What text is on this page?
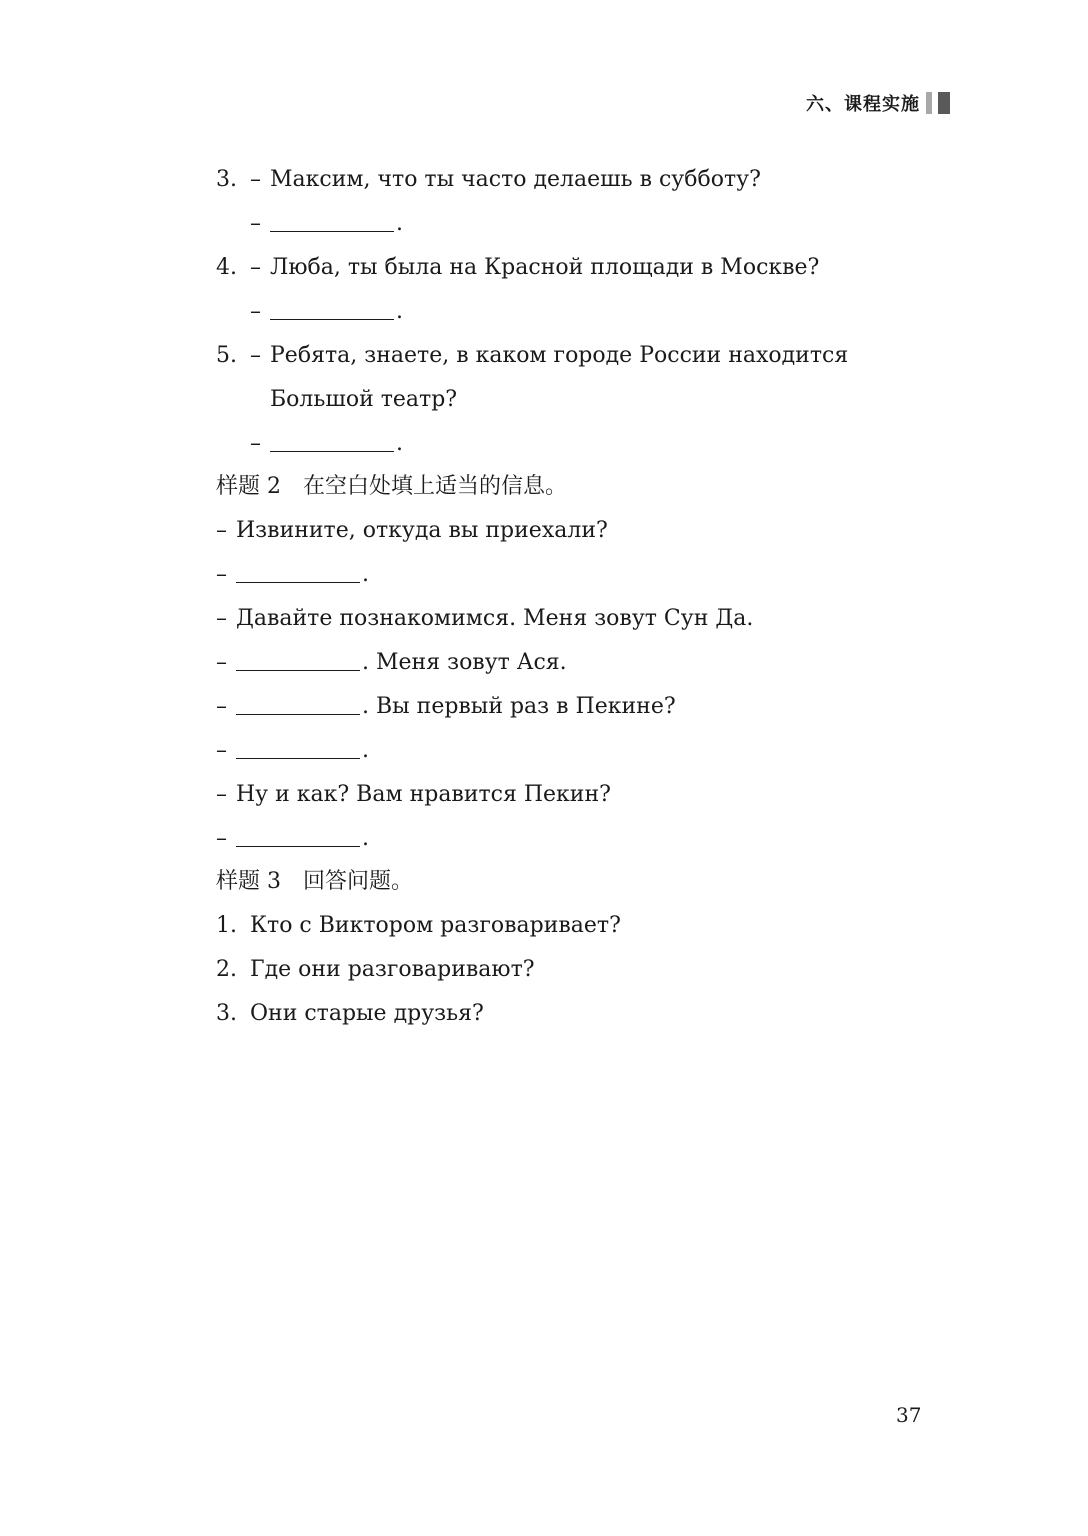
六、课程实施
3. – Максим, что ты часто делаешь в субботу?
–	.
4. – Люба, ты была на Красной площади в Москве?
–	.
5. – Ребята, знаете, в каком городе России находится
Большой театр?
–	.
样题 2 在空白处填上适当的信息。
– Извините, откуда вы приехали?
–	.
– Давайте познакомимся. Меня зовут Сун Да.
–	. Меня зовут Ася.
–	. Вы первый раз в Пекине?
–	.
– Ну и как? Вам нравится Пекин?
–	.
样题 3 回答问题。
1. Кто с Виктором разговаривает?
2. Где они разговаривают?
3. Они старые друзья?
37
